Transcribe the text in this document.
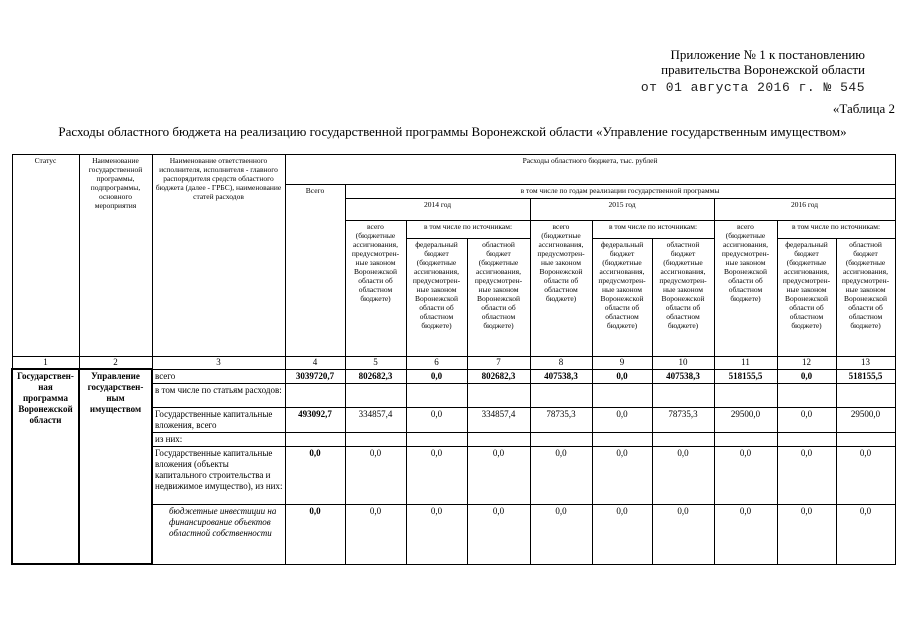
Приложение № 1 к постановлению
правительства Воронежской области
от 01 августа 2016 г. № 545
«Таблица 2
Расходы областного бюджета на реализацию государственной программы Воронежской области «Управление государственным имуществом»
Статус	Наименование государственной программы, подпрограммы, основного мероприятия	Наименование ответственного исполнителя, исполнителя - главного распорядителя средств областного бюджета (далее - ГРБС), наименование статей расходов	Расходы областного бюджета, тыс. рублей									
			Всего	в том числе по годам реализации государственной программы								
				2014 год			2015 год			2016 год		
				всего (бюджетные ассигнования, предусмотрен-ные законом Воронежской области об областном бюджете)	в том числе по источникам:		всего (бюджетные ассигнования, предусмотрен-ные законом Воронежской области об областном бюджете)	в том числе по источникам:		всего (бюджетные ассигнования, предусмотрен-ные законом Воронежской области об областном бюджете)	в том числе по источникам:	
					федеральный бюджет (бюджетные ассигнования, предусмотрен-ные законом Воронежской области об областном бюджете)	областной бюджет (бюджетные ассигнования, предусмотрен-ные законом Воронежской области об областном бюджете)		федеральный бюджет (бюджетные ассигнования, предусмотрен-ные законом Воронежской области об областном бюджете)	областной бюджет (бюджетные ассигнования, предусмотрен-ные законом Воронежской области об областном бюджете)		федеральный бюджет (бюджетные ассигнования, предусмотрен-ные законом Воронежской области об областном бюджете)	областной бюджет (бюджетные ассигнования, предусмотрен-ные законом Воронежской области об областном бюджете)
1	2	3	4	5	6	7	8	9	10	11	12	13
Государствен-ная программа Воронежской области	Управление государствен-ным имуществом	всего	3039720,7	802682,3	0,0	802682,3	407538,3	0,0	407538,3	518155,5	0,0	518155,5
		в том числе по статьям расходов:										
		Государственные капитальные вложения, всего	493092,7	334857,4	0,0	334857,4	78735,3	0,0	78735,3	29500,0	0,0	29500,0
		из них:										
		Государственные капитальные вложения (объекты капитального строительства и недвижимое имущество), из них:	0,0	0,0	0,0	0,0	0,0	0,0	0,0	0,0	0,0	0,0
		бюджетные инвестиции на финансирование объектов областной собственности	0,0	0,0	0,0	0,0	0,0	0,0	0,0	0,0	0,0	0,0
